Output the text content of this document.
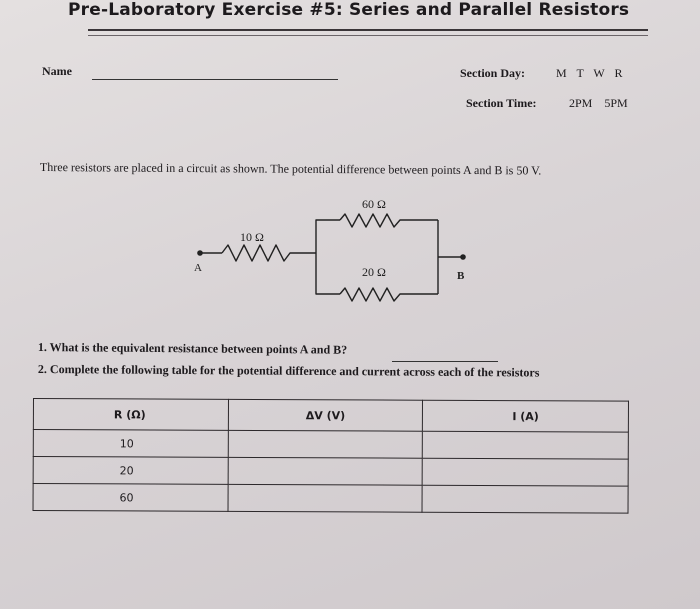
Pre-Laboratory Exercise #5: Series and Parallel Resistors
Name	Section Day:	M T W R
Section Time:	2PM 5PM
Three resistors are placed in a circuit as shown. The potential difference between points A and B is 50 V.
10 Ω
60 Ω
20 Ω
A
B
1. What is the equivalent resistance between points A and B?
2. Complete the following table for the potential difference and current across each of the resistors
R (Ω)	ΔV (V)	I (A)
10		
20		
60		
